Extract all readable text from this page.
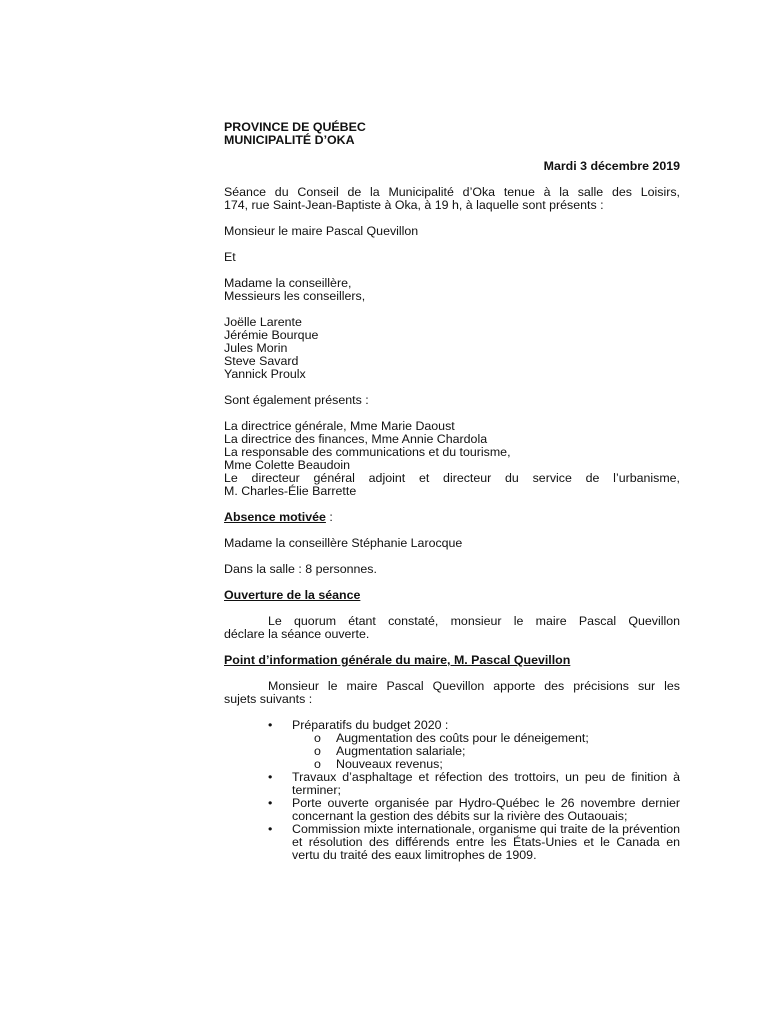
PROVINCE DE QUÉBEC
MUNICIPALITÉ D’OKA
Mardi 3 décembre 2019
Séance du Conseil de la Municipalité d’Oka tenue à la salle des Loisirs,
174, rue Saint-Jean-Baptiste à Oka, à 19 h, à laquelle sont présents :
Monsieur le maire Pascal Quevillon
Et
Madame la conseillère,
Messieurs les conseillers,
Joëlle Larente
Jérémie Bourque
Jules Morin
Steve Savard
Yannick Proulx
Sont également présents :
La directrice générale, Mme Marie Daoust
La directrice des finances, Mme Annie Chardola
La responsable des communications et du tourisme,
Mme Colette Beaudoin
Le directeur général adjoint et directeur du service de l’urbanisme,
M. Charles-Élie Barrette
Absence motivée :
Madame la conseillère Stéphanie Larocque
Dans la salle : 8 personnes.
Ouverture de la séance
Le quorum étant constaté, monsieur le maire Pascal Quevillon
déclare la séance ouverte.
Point d’information générale du maire, M. Pascal Quevillon
Monsieur le maire Pascal Quevillon apporte des précisions sur les
sujets suivants :
• Préparatifs du budget 2020 :
o Augmentation des coûts pour le déneigement;
o Augmentation salariale;
o Nouveaux revenus;
• Travaux d’asphaltage et réfection des trottoirs, un peu de finition à terminer;
• Porte ouverte organisée par Hydro-Québec le 26 novembre dernier concernant la gestion des débits sur la rivière des Outaouais;
• Commission mixte internationale, organisme qui traite de la prévention et résolution des différends entre les États-Unies et le Canada en vertu du traité des eaux limitrophes de 1909.
